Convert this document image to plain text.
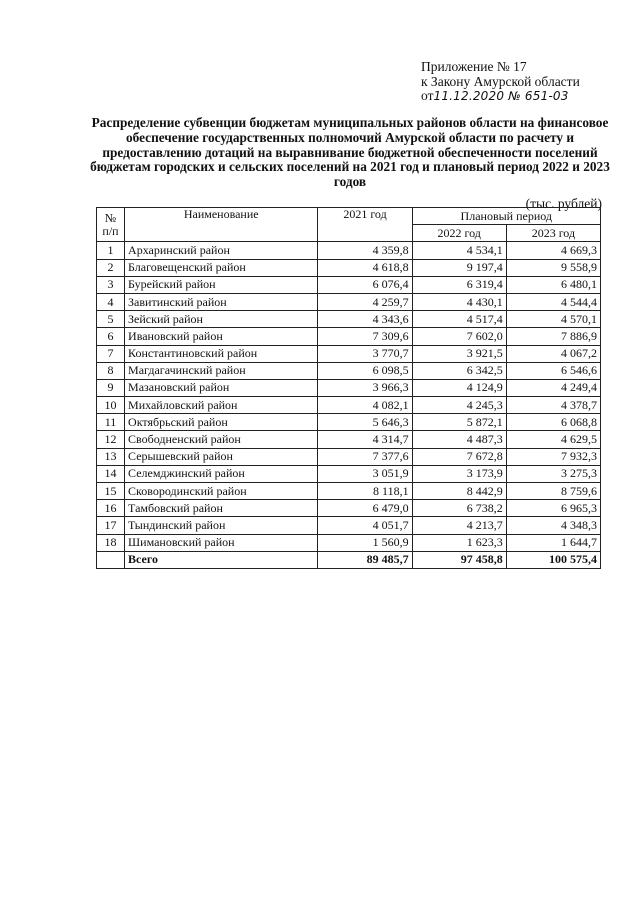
Приложение № 17
к Закону Амурской области
от11.12.2020 № 651-03
Распределение субвенции бюджетам муниципальных районов области на финансовое обеспечение государственных полномочий Амурской области по расчету и предоставлению дотаций на выравнивание бюджетной обеспеченности поселений бюджетам городских и сельских поселений на 2021 год и плановый период 2022 и 2023 годов
(тыс. рублей)
№ п/п	Наименование	2021 год	Плановый период	
			2022 год	2023 год
1	Архаринский район	4 359,8	4 534,1	4 669,3
2	Благовещенский район	4 618,8	9 197,4	9 558,9
3	Бурейский район	6 076,4	6 319,4	6 480,1
4	Завитинский район	4 259,7	4 430,1	4 544,4
5	Зейский район	4 343,6	4 517,4	4 570,1
6	Ивановский район	7 309,6	7 602,0	7 886,9
7	Константиновский район	3 770,7	3 921,5	4 067,2
8	Магдагачинский район	6 098,5	6 342,5	6 546,6
9	Мазановский район	3 966,3	4 124,9	4 249,4
10	Михайловский район	4 082,1	4 245,3	4 378,7
11	Октябрьский район	5 646,3	5 872,1	6 068,8
12	Свободненский район	4 314,7	4 487,3	4 629,5
13	Серышевский район	7 377,6	7 672,8	7 932,3
14	Селемджинский район	3 051,9	3 173,9	3 275,3
15	Сковородинский район	8 118,1	8 442,9	8 759,6
16	Тамбовский район	6 479,0	6 738,2	6 965,3
17	Тындинский район	4 051,7	4 213,7	4 348,3
18	Шимановский район	1 560,9	1 623,3	1 644,7
	Всего	89 485,7	97 458,8	100 575,4
